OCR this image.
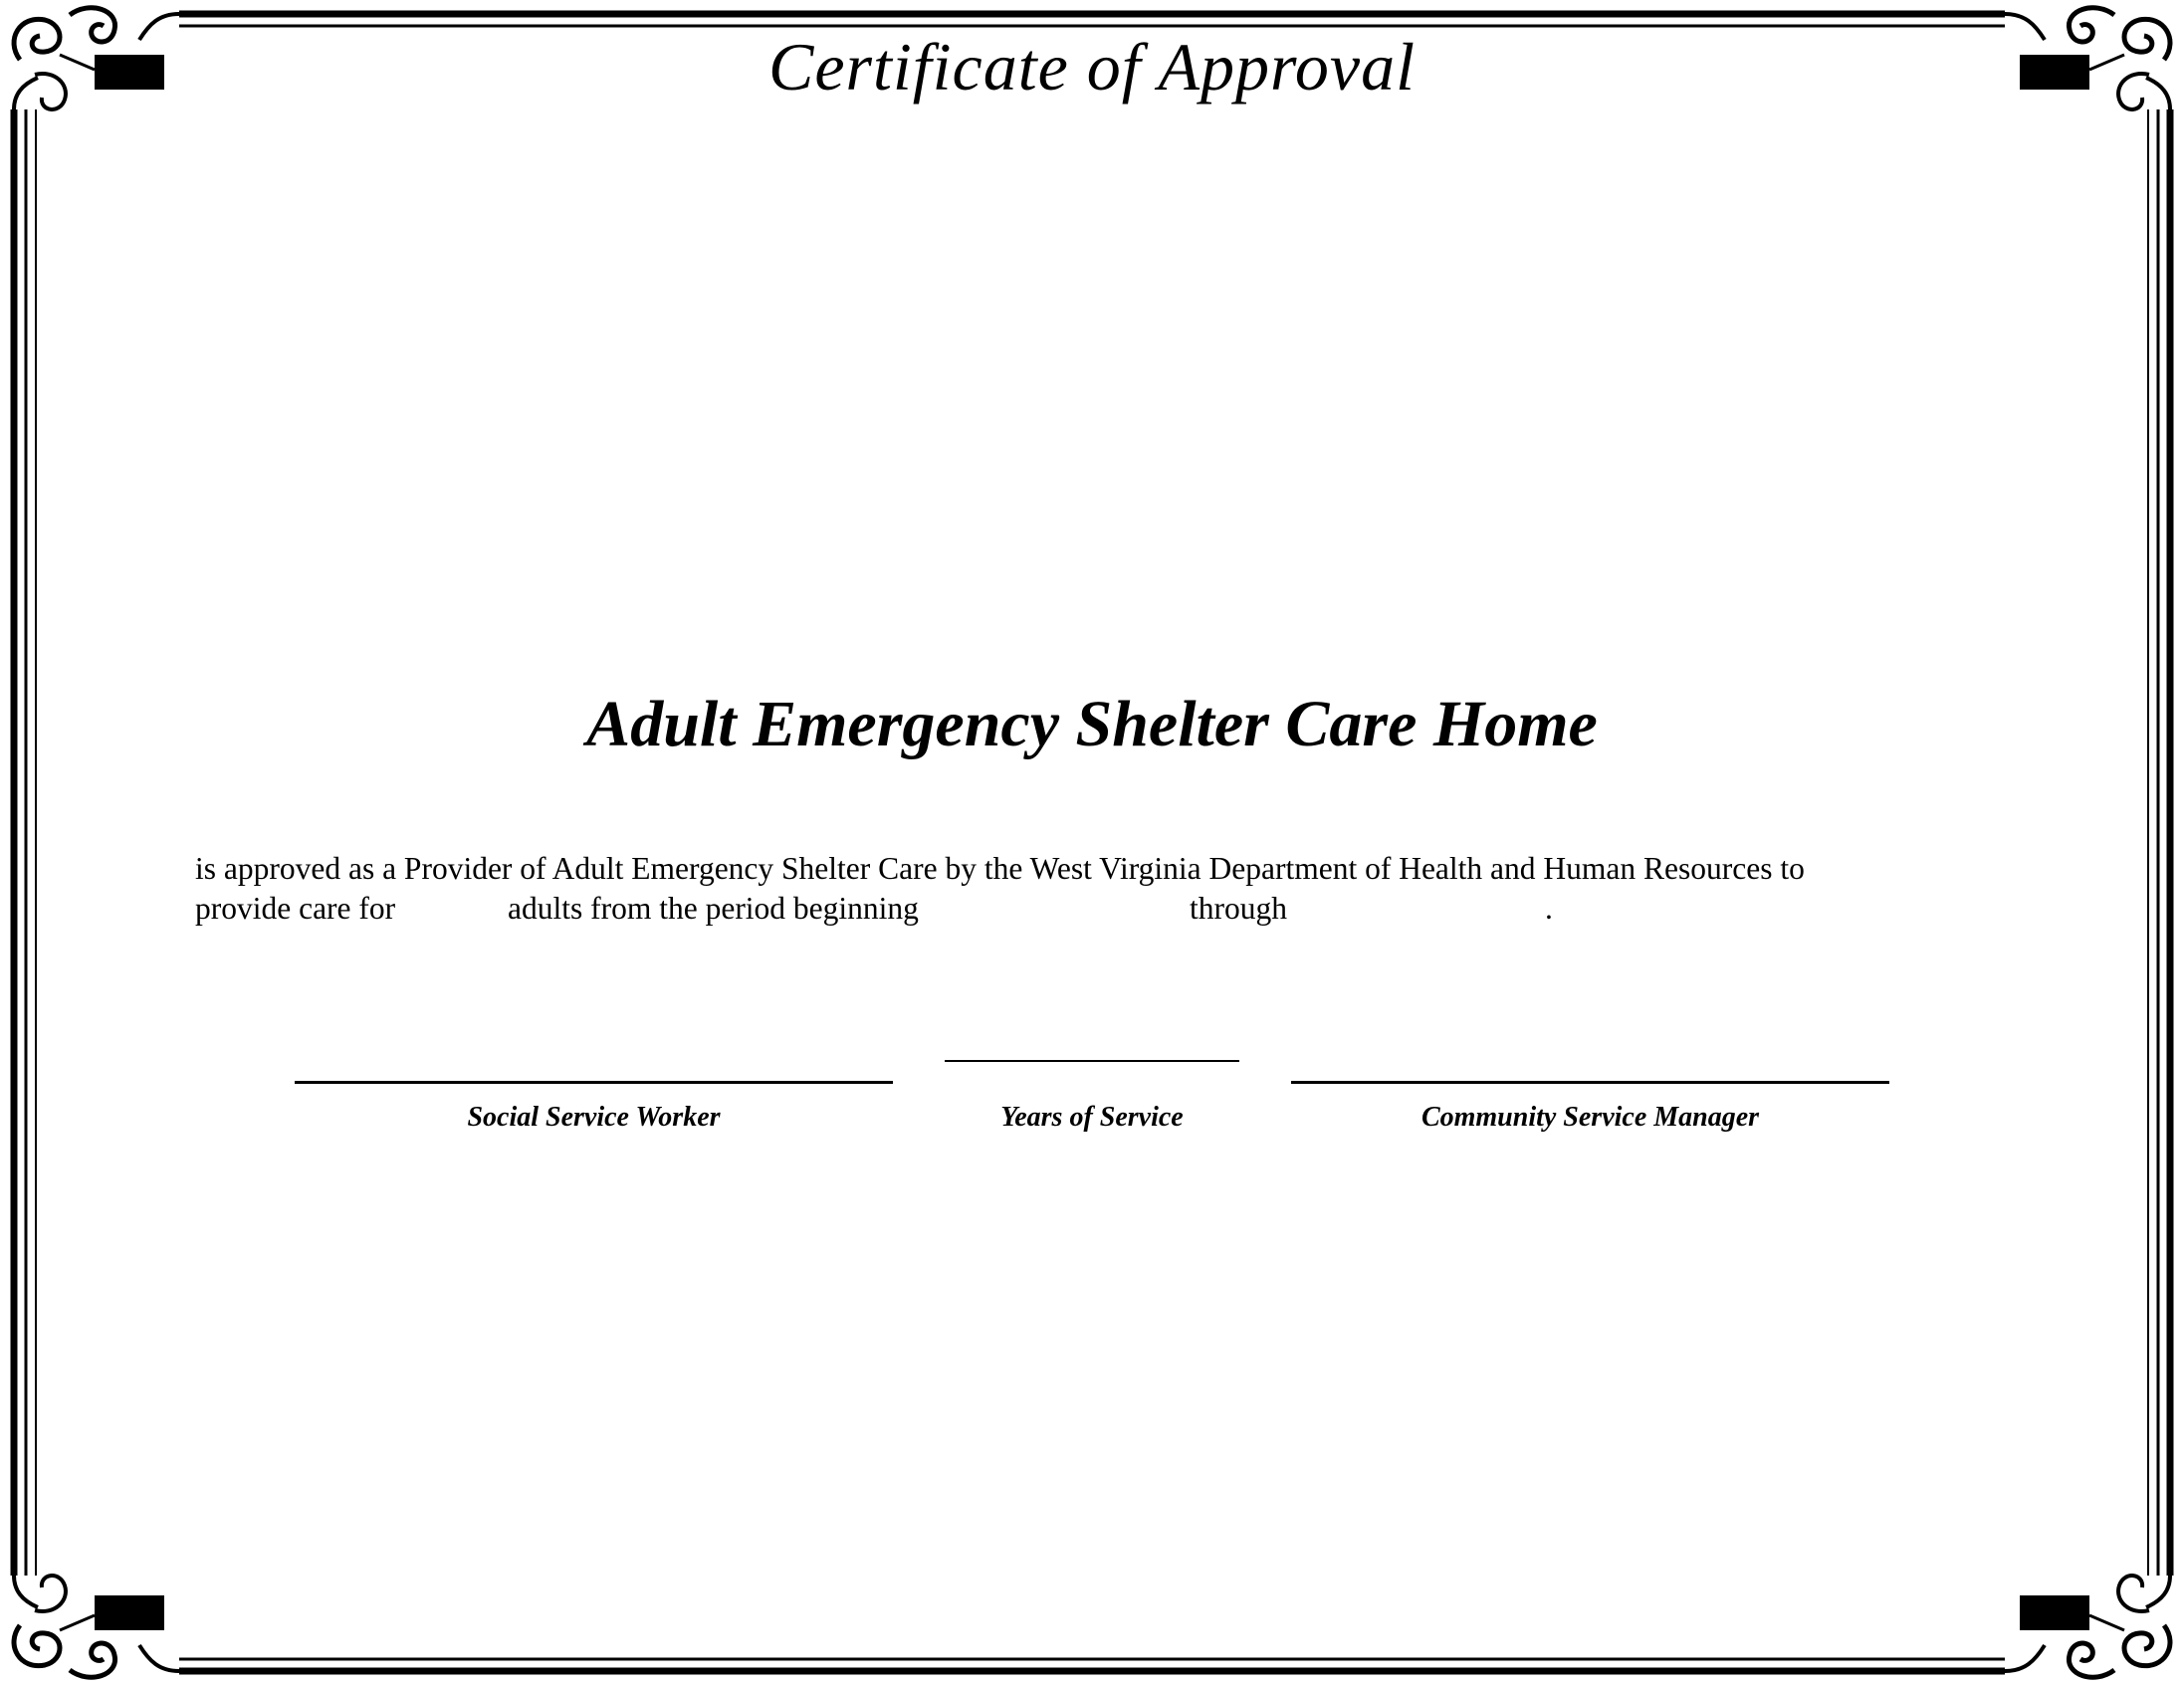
Certificate of Approval
Adult Emergency Shelter Care Home
is approved as a Provider of Adult Emergency Shelter Care by the West Virginia Department of Health and Human Resources to
provide care for	adults from the period beginning	through	.
Social Service Worker	Years of Service	Community Service Manager
